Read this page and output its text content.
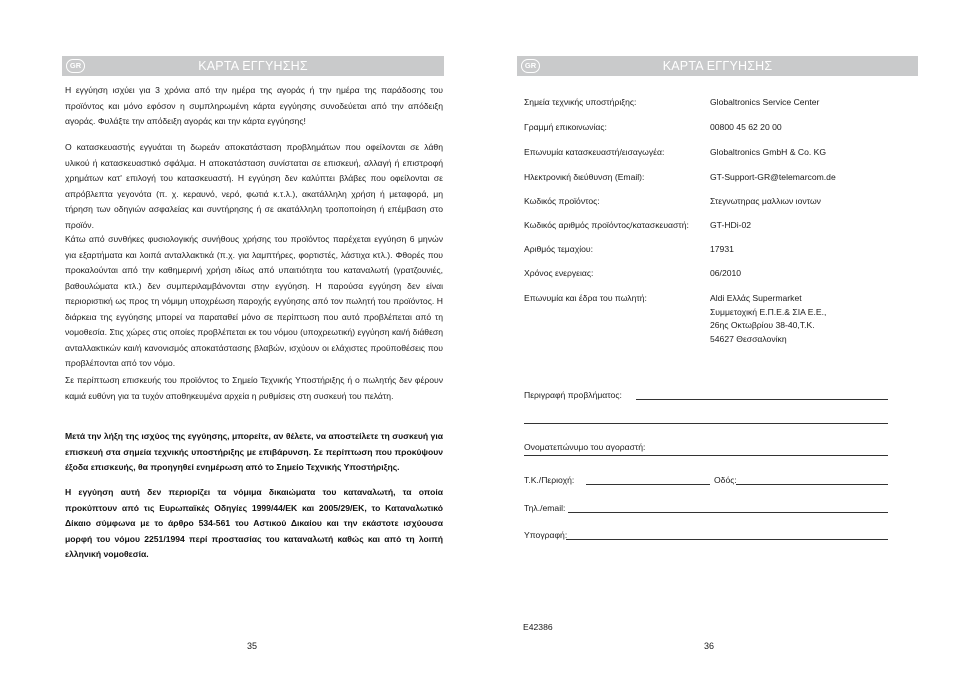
GR	ΚΑΡΤΑ ΕΓΓΥΗΣΗΣ

Η εγγύηση ισχύει για 3 χρόνια από την ημέρα της αγοράς ή την ημέρα της παράδοσης του προϊόντος και μόνο εφόσον η συμπληρωμένη κάρτα εγγύησης συνοδεύεται από την απόδειξη αγοράς. Φυλάξτε την απόδειξη αγοράς και την κάρτα εγγύησης!

Ο κατασκευαστής εγγυάται τη δωρεάν αποκατάσταση προβλημάτων που οφείλονται σε λάθη υλικού ή κατασκευαστικό σφάλμα. Η αποκατάσταση συνίσταται σε επισκευή, αλλαγή ή επιστροφή χρημάτων κατ' επιλογή του κατασκευαστή. Η εγγύηση δεν καλύπτει βλάβες που οφείλονται σε απρόβλεπτα γεγονότα (π. χ. κεραυνό, νερό, φωτιά κ.τ.λ.), ακατάλληλη χρήση ή μεταφορά, μη τήρηση των οδηγιών ασφαλείας και συντήρησης ή σε ακατάλληλη τροποποίηση ή επέμβαση στο προϊόν.

Κάτω από συνθήκες φυσιολογικής συνήθους χρήσης του προϊόντος παρέχεται εγγύηση 6 μηνών για εξαρτήματα και λοιπά ανταλλακτικά (π.χ. για λαμπτήρες, φορτιστές, λάστιχα κτλ.). Φθορές που προκαλούνται από την καθημερινή χρήση ιδίως από υπαιτιότητα του καταναλωτή (γρατζουνιές, βαθουλώματα κτλ.) δεν συμπεριλαμβάνονται στην εγγύηση. Η παρούσα εγγύηση δεν είναι περιοριστική ως προς τη νόμιμη υποχρέωση παροχής εγγύησης από τον πωλητή του προϊόντος. Η διάρκεια της εγγύησης μπορεί να παραταθεί μόνο σε περίπτωση που αυτό προβλέπεται από τη νομοθεσία. Στις χώρες στις οποίες προβλέπεται εκ του νόμου (υποχρεωτική) εγγύηση και/ή διάθεση ανταλλακτικών και/ή κανονισμός αποκατάστασης βλαβών, ισχύουν οι ελάχιστες προϋποθέσεις που προβλέπονται από τον νόμο.

Σε περίπτωση επισκευής του προϊόντος το Σημείο Τεχνικής Υποστήριξης ή ο πωλητής δεν φέρουν καμιά ευθύνη για τα τυχόν αποθηκευμένα αρχεία η ρυθμίσεις στη συσκευή του πελάτη.

Μετά την λήξη της ισχύος της εγγύησης, μπορείτε, αν θέλετε, να αποστείλετε τη συσκευή για επισκευή στα σημεία τεχνικής υποστήριξης με επιβάρυνση. Σε περίπτωση που προκύψουν έξοδα επισκευής, θα προηγηθεί ενημέρωση από το Σημείο Τεχνικής Υποστήριξης.

Η εγγύηση αυτή δεν περιορίζει τα νόμιμα δικαιώματα του καταναλωτή, τα οποία προκύπτουν από τις Ευρωπαϊκές Οδηγίες 1999/44/ΕΚ και 2005/29/ΕΚ, το Καταναλωτικό Δίκαιο σύμφωνα με το άρθρο 534-561 του Αστικού Δικαίου και την εκάστοτε ισχύουσα μορφή του νόμου 2251/1994 περί προστασίας του καταναλωτή καθώς και από τη λοιπή ελληνική νομοθεσία.

35
GR	ΚΑΡΤΑ ΕΓΓΥΗΣΗΣ
Σημεία τεχνικής υποστήριξης:	Globaltronics Service Center
Γραμμή επικοινωνίας:	00800 45 62 20 00
Επωνυμία κατασκευαστή/εισαγωγέα:	Globaltronics GmbH & Co. KG
Ηλεκτρονική διεύθυνση (Email):	GT-Support-GR@telemarcom.de
Κωδικός προϊόντος:	Στεγνωτηρας μαλλιων ιοντων
Κωδικός αριθμός προϊόντος/κατασκευαστή: GT-HDi-02
Αριθμός τεμαχίου:	17931
Χρόνος ενεργειας:	06/2010
Επωνυμία και έδρα του πωλητή:	Aldi Ελλάς Supermarket
Συμμετοχική Ε.Π.Ε.& ΣΙΑ Ε.Ε.,
26ης Οκτωβρίου 38-40,Τ.Κ.
54627 Θεσσαλονίκη
Περιγραφή προβλήματος:
Ονοματεπώνυμο του αγοραστή:
Τ.Κ./Περιοχή:	Οδός:
Τηλ./email:
Υπογραφή:
E42386
36
